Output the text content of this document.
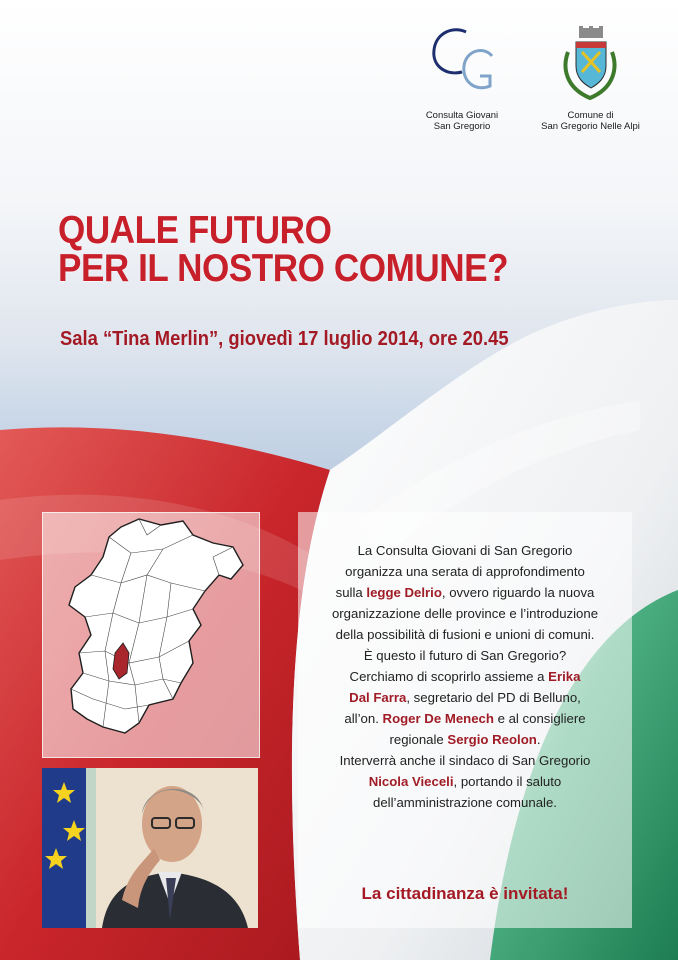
Consulta Giovani
San Gregorio
Comune di
San Gregorio Nelle Alpi
QUALE FUTURO
PER IL NOSTRO COMUNE?
Sala “Tina Merlin”, giovedì 17 luglio 2014, ore 20.45

La Consulta Giovani di San Gregorio

organizza una serata di approfondimento

sulla legge Delrio, ovvero riguardo la nuova

organizzazione delle province e l’introduzione

della possibilità di fusioni e unioni di comuni.

È questo il futuro di San Gregorio?

Cerchiamo di scoprirlo assieme a Erika

Dal Farra, segretario del PD di Belluno,

all’on. Roger De Menech e al consigliere

regionale Sergio Reolon.

Interverrà anche il sindaco di San Gregorio

Nicola Vieceli, portando il saluto

dell’amministrazione comunale.

La cittadinanza è invitata!
